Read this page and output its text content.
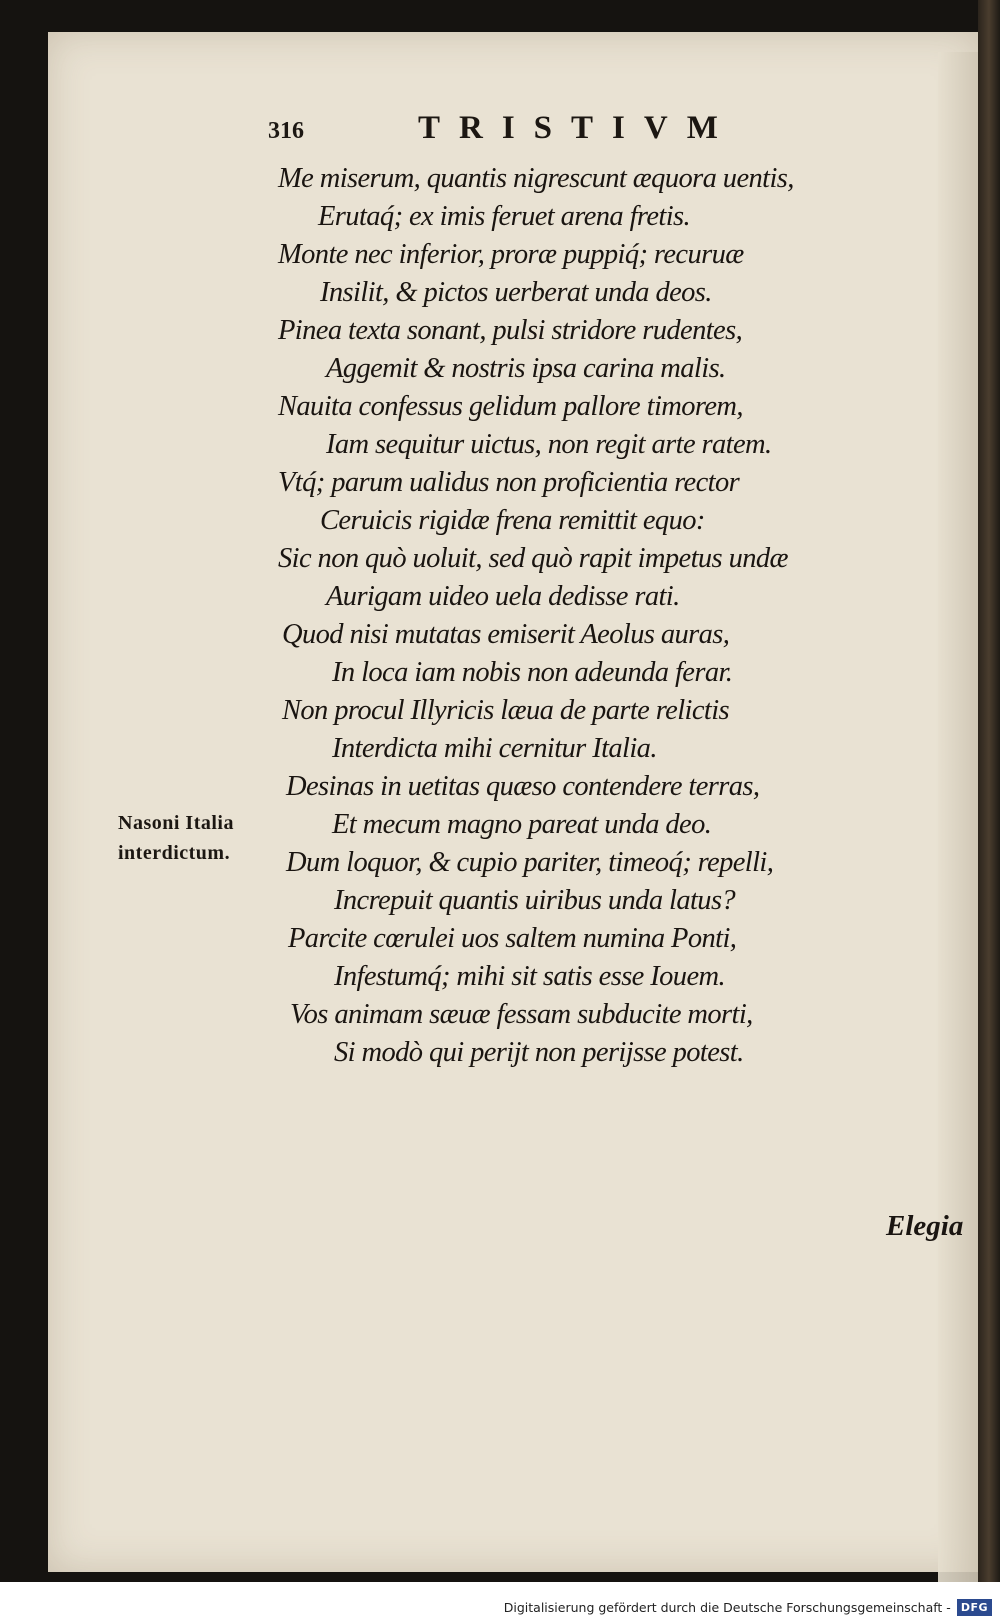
316	TRISTIVM
Me miserum, quantis nigrescunt æquora uentis,
Erutaq́; ex imis feruet arena fretis.
Monte nec inferior, proræ puppiq́; recuruæ
Insilit, & pictos uerberat unda deos.
Pinea texta sonant, pulsi stridore rudentes,
Aggemit & nostris ipsa carina malis.
Nauita confessus gelidum pallore timorem,
Iam sequitur uictus, non regit arte ratem.
Vtq́; parum ualidus non proficientia rector
Ceruicis rigidæ frena remittit equo:
Sic non quò uoluit, sed quò rapit impetus undæ
Aurigam uideo uela dedisse rati.
Quod nisi mutatas emiserit Aeolus auras,
In loca iam nobis non adeunda ferar.
Non procul Illyricis læua de parte relictis
Interdicta mihi cernitur Italia.
Desinas in uetitas quæso contendere terras,
Et mecum magno pareat unda deo.
Dum loquor, & cupio pariter, timeoq́; repelli,
Increpuit quantis uiribus unda latus?
Parcite cœrulei uos saltem numina Ponti,
Infestumq́; mihi sit satis esse Iouem.
Vos animam sæuæ fessam subducite morti,
Si modò qui perijt non perijsse potest.
Nasoni Italia
interdictum.
Elegia
Digitalisierung gefördert durch die Deutsche Forschungsgemeinschaft - DFG
